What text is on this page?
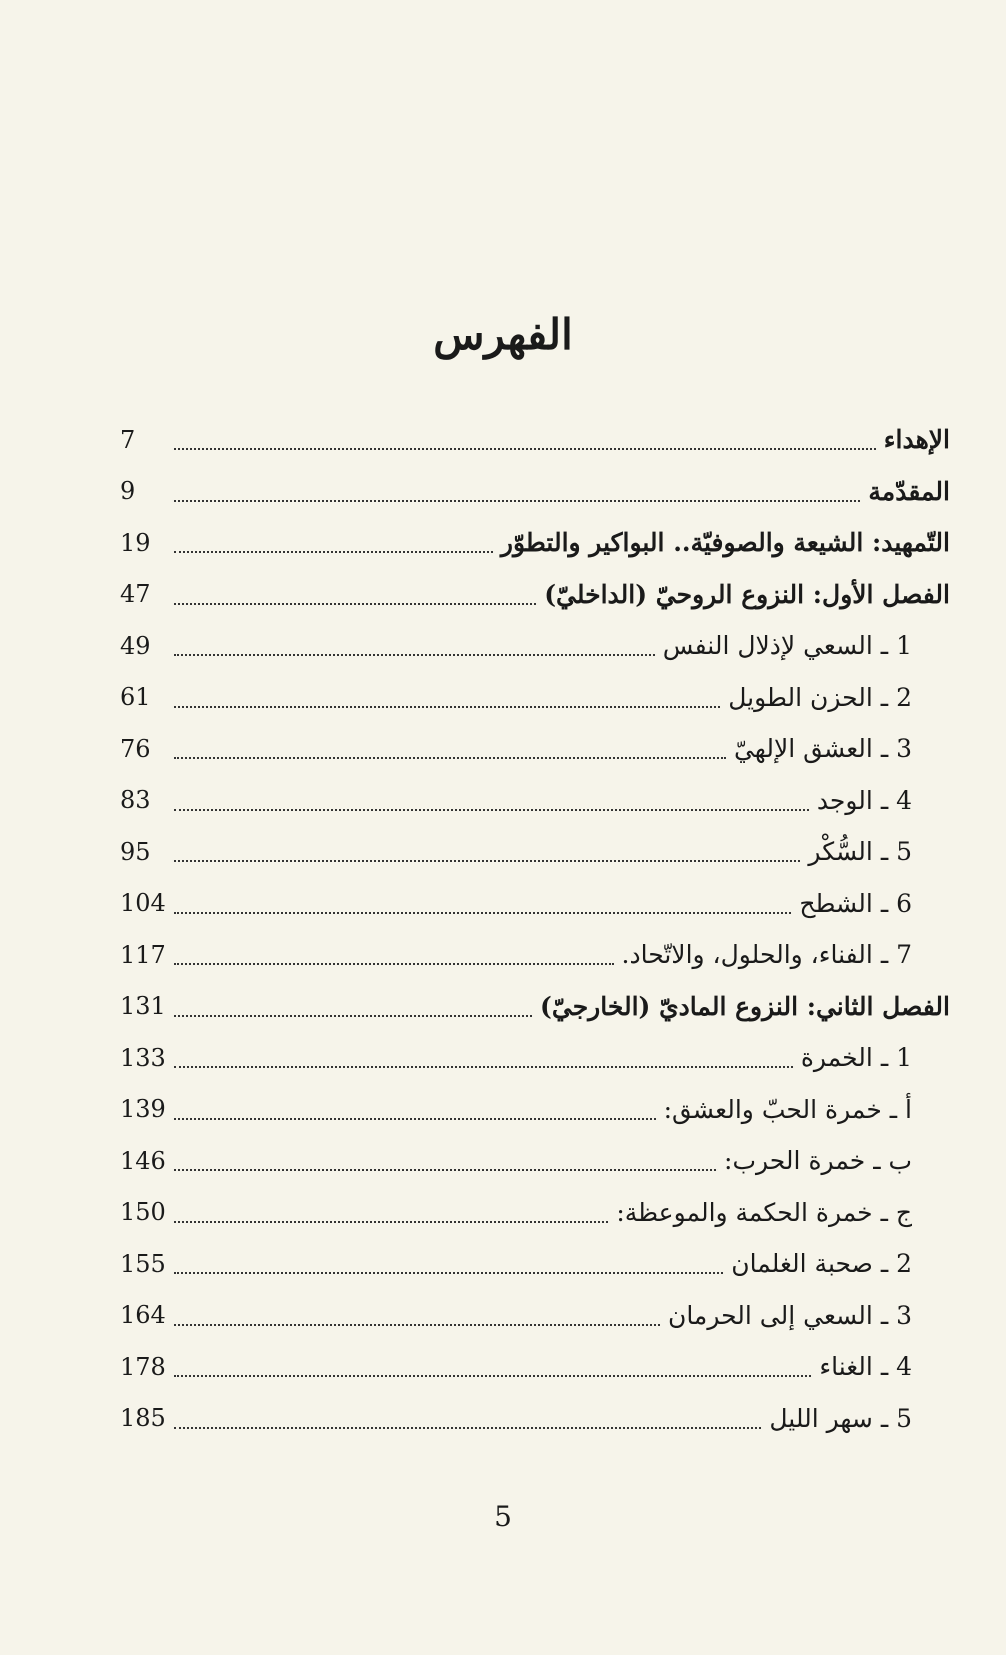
الفهرس
7	الإهداء
9	المقدّمة
19	التّمهيد: الشيعة والصوفيّة.. البواكير والتطوّر
47	الفصل الأول: النزوع الروحيّ (الداخليّ)
49	1 ـ السعي لإذلال النفس
61	2 ـ الحزن الطويل
76	3 ـ العشق الإلهيّ
83	4 ـ الوجد
95	5 ـ السُّكْر
104	6 ـ الشطح
117	7 ـ الفناء، والحلول، والاتّحاد.
131	الفصل الثاني: النزوع الماديّ (الخارجيّ)
133	1 ـ الخمرة
139	أ ـ خمرة الحبّ والعشق:
146	ب ـ خمرة الحرب:
150	ج ـ خمرة الحكمة والموعظة:
155	2 ـ صحبة الغلمان
164	3 ـ السعي إلى الحرمان
178	4 ـ الغناء
185	5 ـ سهر الليل
5
